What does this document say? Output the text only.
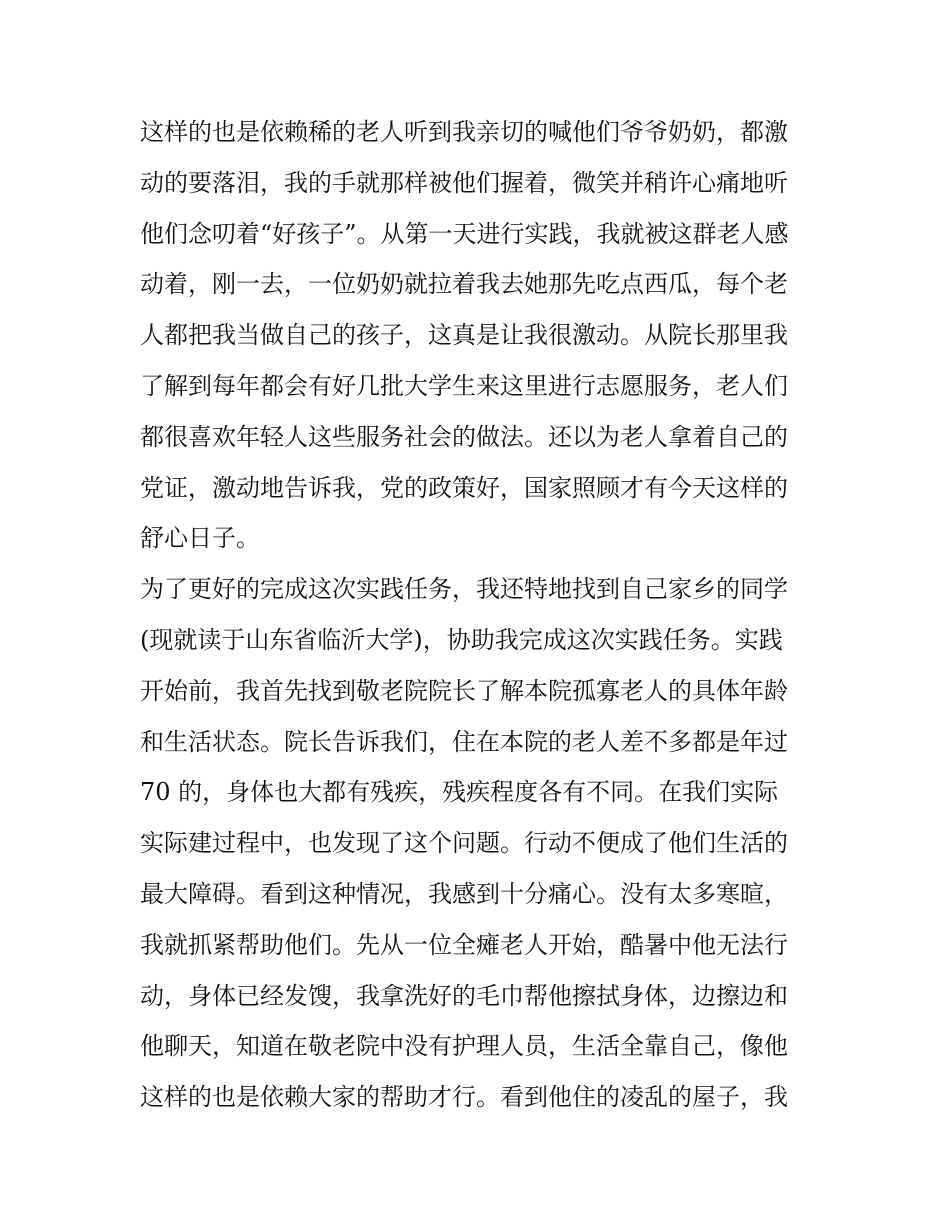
这样的也是依赖稀的老人听到我亲切的喊他们爷爷奶奶，都激
动的要落泪，我的手就那样被他们握着，微笑并稍许心痛地听
他们念叨着“好孩子”。从第一天进行实践，我就被这群老人感
动着，刚一去，一位奶奶就拉着我去她那先吃点西瓜，每个老
人都把我当做自己的孩子，这真是让我很激动。从院长那里我
了解到每年都会有好几批大学生来这里进行志愿服务，老人们
都很喜欢年轻人这些服务社会的做法。还以为老人拿着自己的
党证，激动地告诉我，党的政策好，国家照顾才有今天这样的
舒心日子。
为了更好的完成这次实践任务，我还特地找到自己家乡的同学
(现就读于山东省临沂大学)，协助我完成这次实践任务。实践
开始前，我首先找到敬老院院长了解本院孤寡老人的具体年龄
和生活状态。院长告诉我们，住在本院的老人差不多都是年过
70 的，身体也大都有残疾，残疾程度各有不同。在我们实际
实际建过程中，也发现了这个问题。行动不便成了他们生活的
最大障碍。看到这种情况，我感到十分痛心。没有太多寒暄，
我就抓紧帮助他们。先从一位全瘫老人开始，酷暑中他无法行
动，身体已经发馊，我拿洗好的毛巾帮他擦拭身体，边擦边和
他聊天，知道在敬老院中没有护理人员，生活全靠自己，像他
这样的也是依赖大家的帮助才行。看到他住的凌乱的屋子，我
